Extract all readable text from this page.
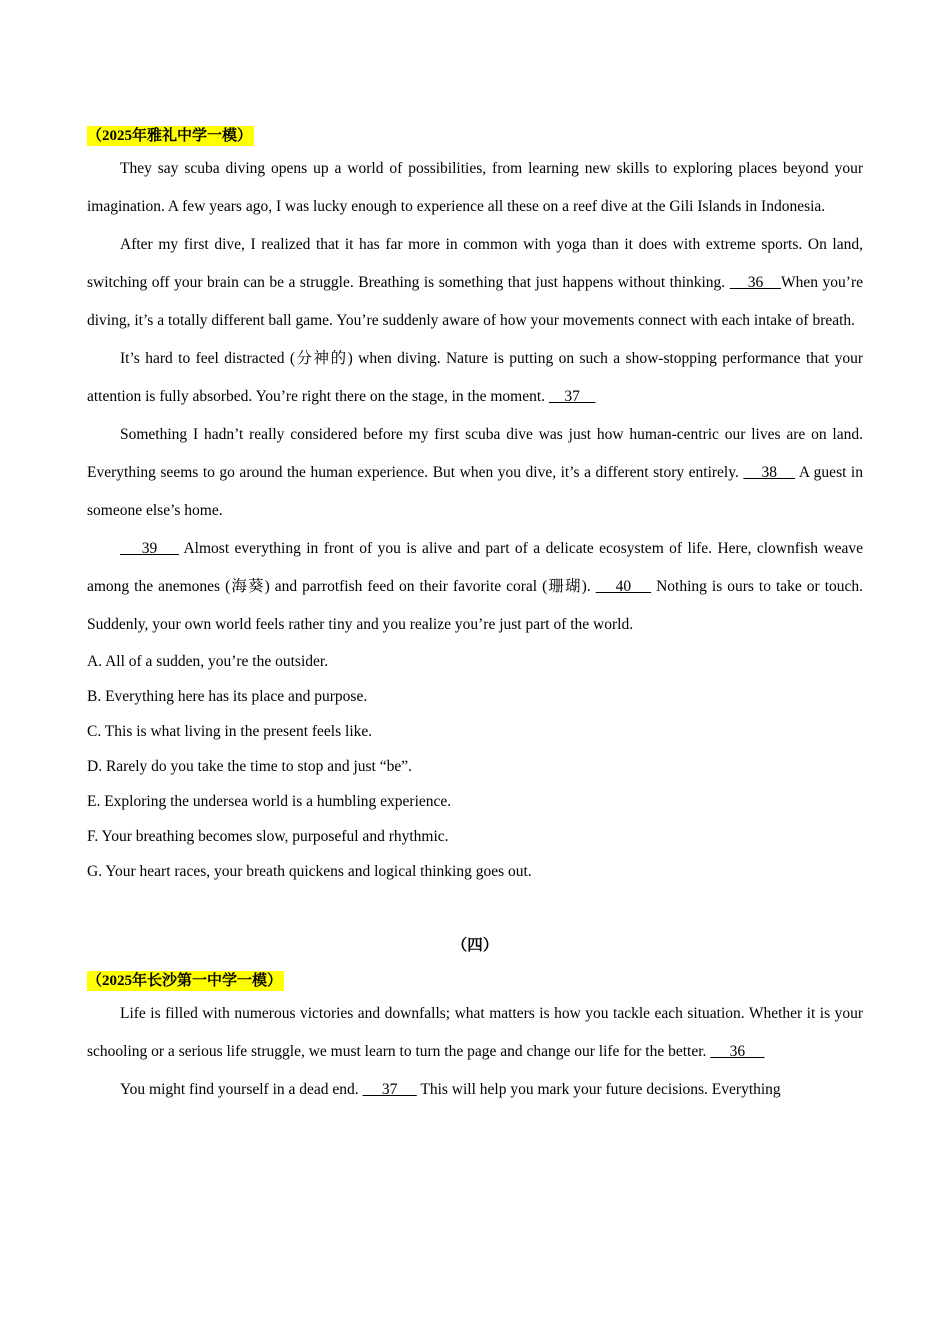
（2025年雅礼中学一模）

They say scuba diving opens up a world of possibilities, from learning new skills to exploring places beyond your imagination. A few years ago, I was lucky enough to experience all these on a reef dive at the Gili Islands in Indonesia.

After my first dive, I realized that it has far more in common with yoga than it does with extreme sports. On land, switching off your brain can be a struggle. Breathing is something that just happens without thinking.     36    When you’re diving, it’s a totally different ball game. You’re suddenly aware of how your movements connect with each intake of breath.

It’s hard to feel distracted (分神的) when diving. Nature is putting on such a show-stopping performance that your attention is fully absorbed. You’re right there on the stage, in the moment.     37

Something I hadn’t really considered before my first scuba dive was just how human-centric our lives are on land. Everything seems to go around the human experience. But when you dive, it’s a different story entirely.     38     A guest in someone else’s home.

39     Almost everything in front of you is alive and part of a delicate ecosystem of life. Here, clownfish weave among the anemones (海葵) and parrotfish feed on their favorite coral (珊瑚).     40     Nothing is ours to take or touch. Suddenly, your own world feels rather tiny and you realize you’re just part of the world.

A. All of a sudden, you’re the outsider.

B. Everything here has its place and purpose.

C. This is what living in the present feels like.

D. Rarely do you take the time to stop and just “be”.

E. Exploring the undersea world is a humbling experience.

F. Your breathing becomes slow, purposeful and rhythmic.

G. Your heart races, your breath quickens and logical thinking goes out.

（四）

（2025年长沙第一中学一模）

Life is filled with numerous victories and downfalls; what matters is how you tackle each situation. Whether it is your schooling or a serious life struggle, we must learn to turn the page and change our life for the better.      36

You might find yourself in a dead end.      37      This will help you mark your future decisions. Everything
